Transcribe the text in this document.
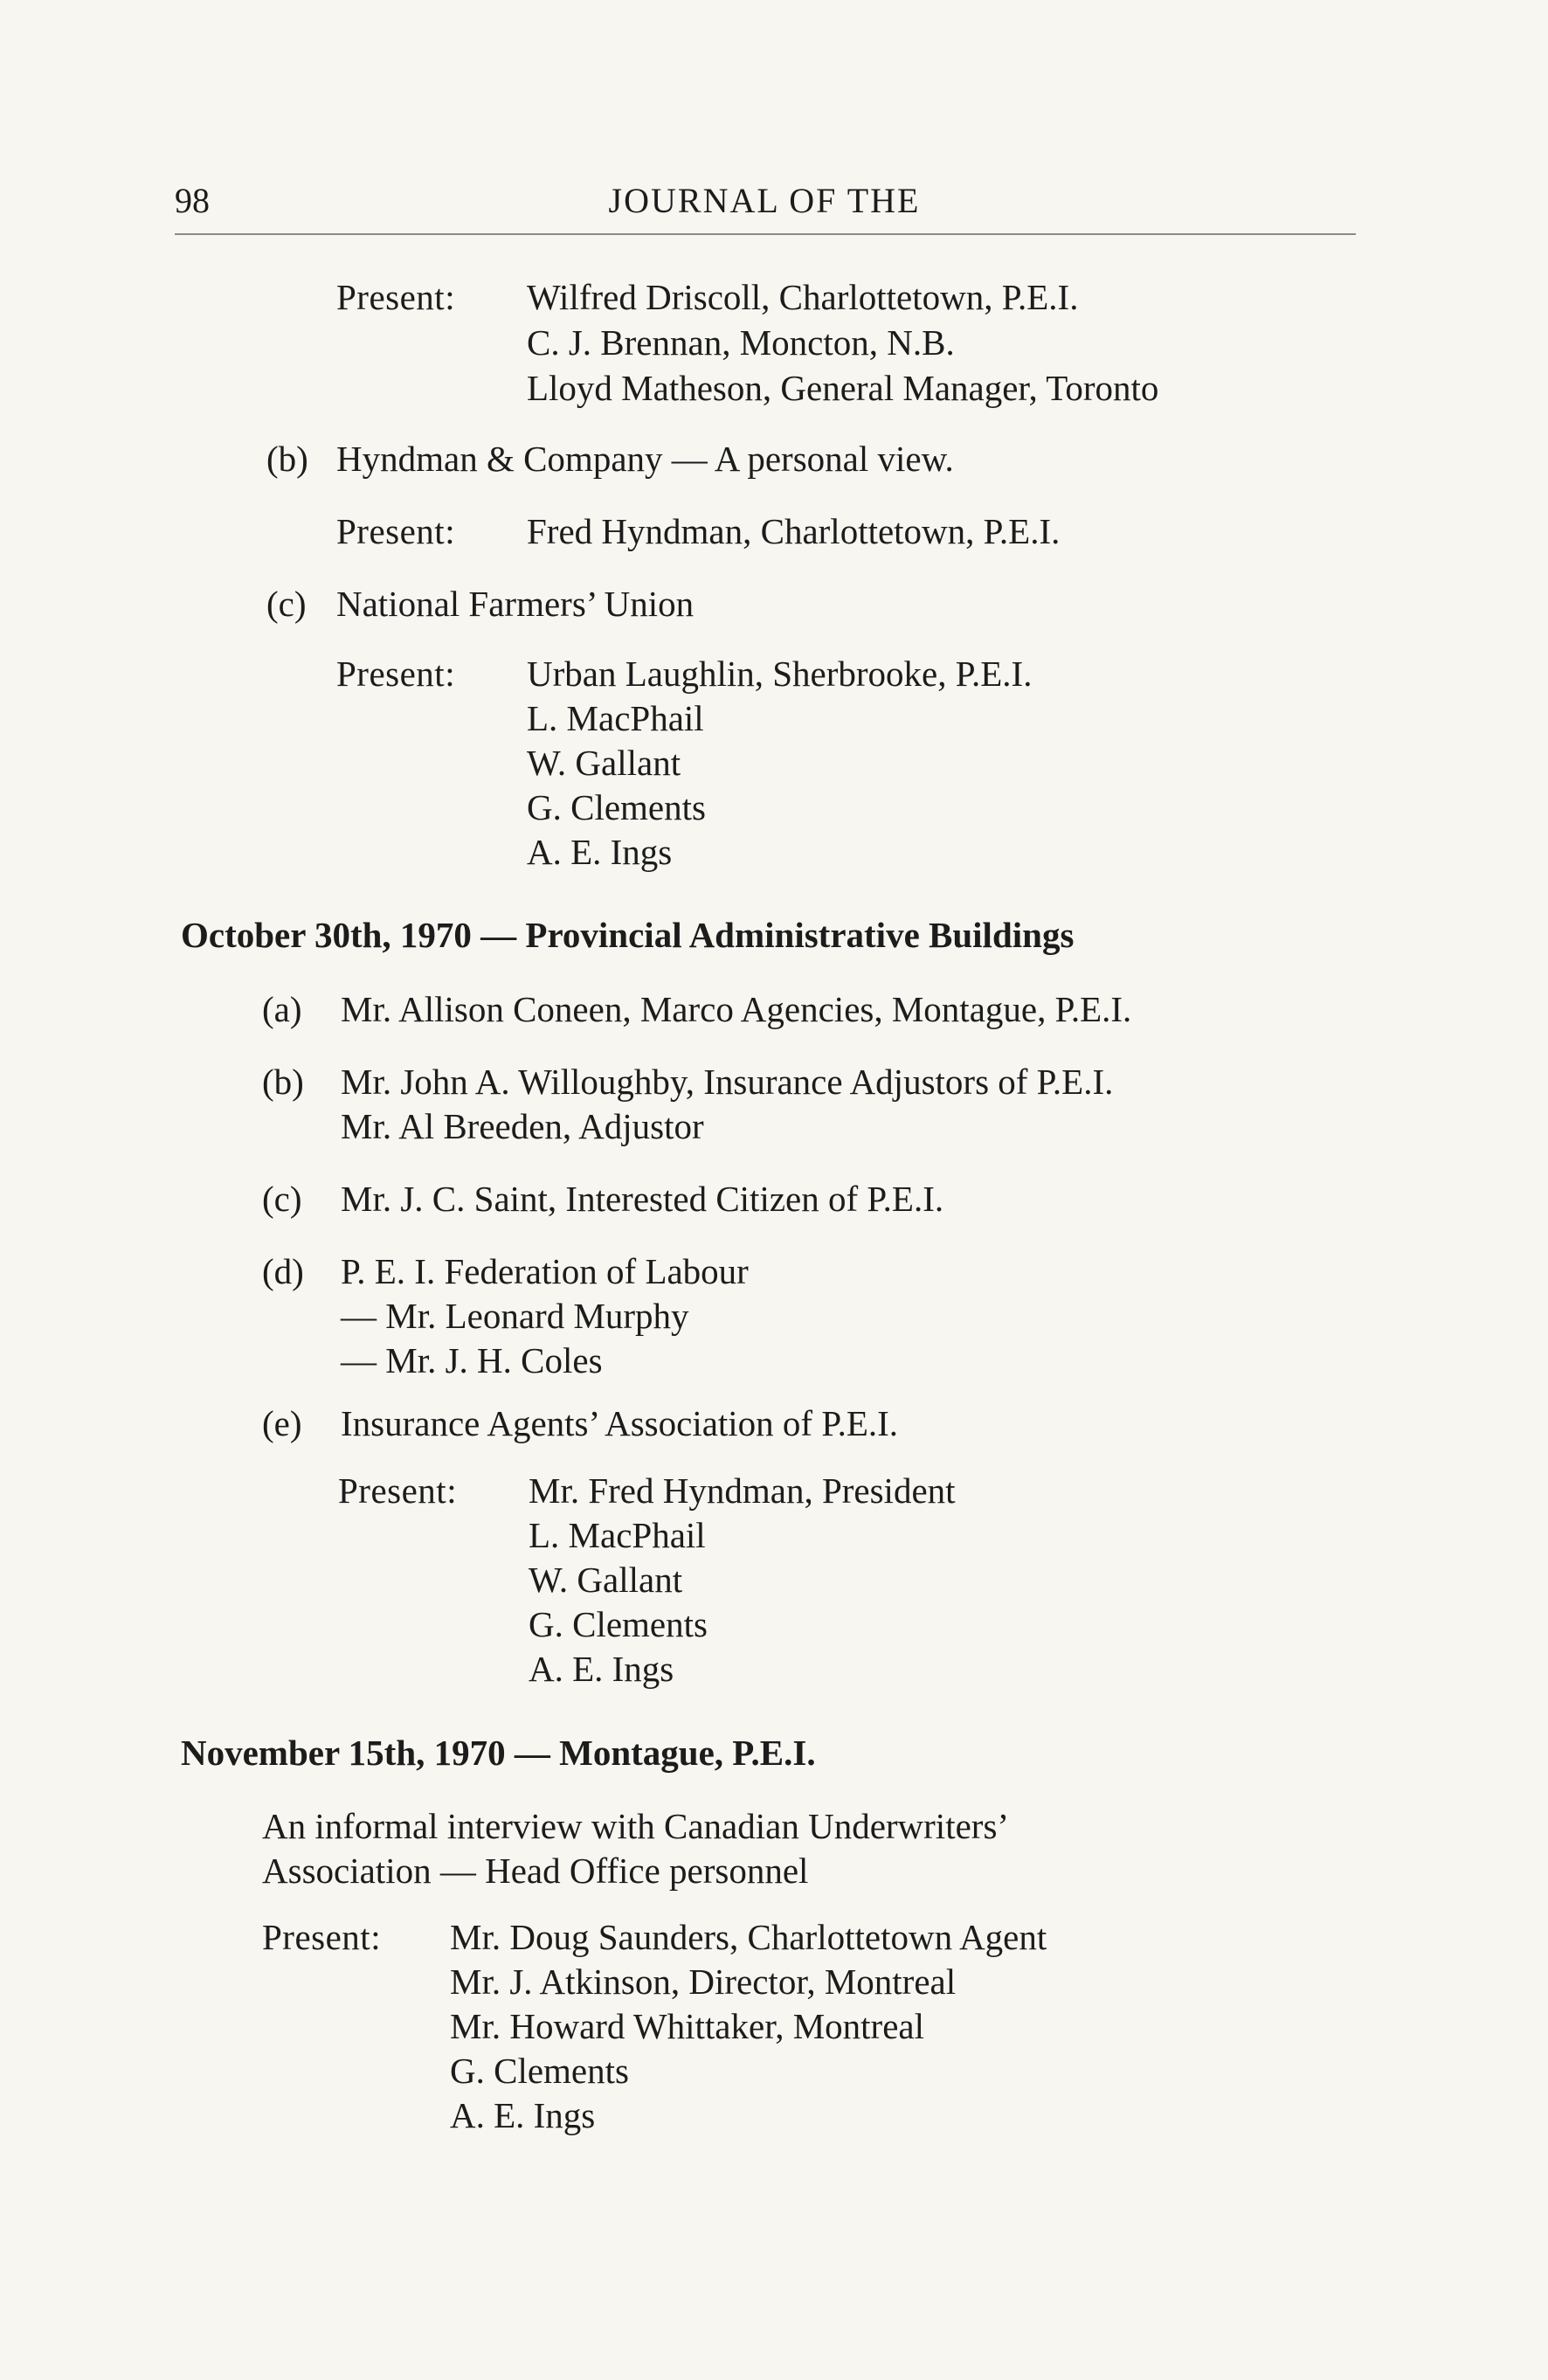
98	JOURNAL OF THE
Present: Wilfred Driscoll, Charlottetown, P.E.I.
C. J. Brennan, Moncton, N.B.
Lloyd Matheson, General Manager, Toronto
(b) Hyndman & Company — A personal view.
Present: Fred Hyndman, Charlottetown, P.E.I.
(c) National Farmers’ Union
Present: Urban Laughlin, Sherbrooke, P.E.I.
L. MacPhail
W. Gallant
G. Clements
A. E. Ings
October 30th, 1970 — Provincial Administrative Buildings
(a) Mr. Allison Coneen, Marco Agencies, Montague, P.E.I.
(b) Mr. John A. Willoughby, Insurance Adjustors of P.E.I.
Mr. Al Breeden, Adjustor
(c) Mr. J. C. Saint, Interested Citizen of P.E.I.
(d) P. E. I. Federation of Labour
— Mr. Leonard Murphy
— Mr. J. H. Coles
(e) Insurance Agents’ Association of P.E.I.
Present: Mr. Fred Hyndman, President
L. MacPhail
W. Gallant
G. Clements
A. E. Ings
November 15th, 1970 — Montague, P.E.I.
An informal interview with Canadian Underwriters’
Association — Head Office personnel
Present: Mr. Doug Saunders, Charlottetown Agent
Mr. J. Atkinson, Director, Montreal
Mr. Howard Whittaker, Montreal
G. Clements
A. E. Ings
